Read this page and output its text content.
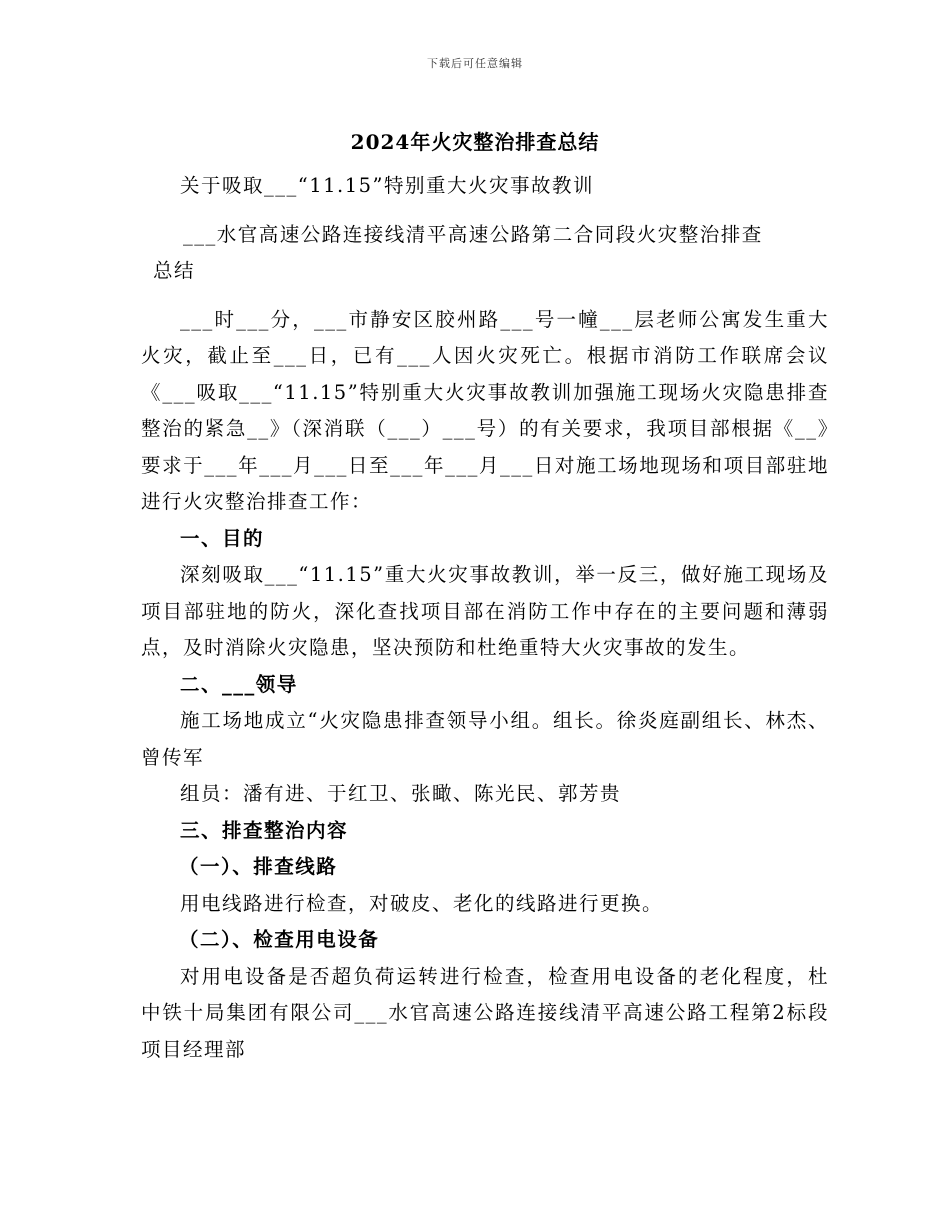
下载后可任意编辑
2024年火灾整治排查总结

关于吸取___“11.15”特别重大火灾事故教训

___水官高速公路连接线清平高速公路第二合同段火灾整治排查
总结

___时___分，___市静安区胶州路___号一幢___层老师公寓发生重大火灾，截止至___日，已有___人因火灾死亡。根据市消防工作联席会议《___吸取___“11.15”特别重大火灾事故教训加强施工现场火灾隐患排查整治的紧急__》（深消联（___）___号）的有关要求，我项目部根据《__》要求于___年___月___日至___年___月___日对施工场地现场和项目部驻地进行火灾整治排查工作：

一、目的

深刻吸取___“11.15”重大火灾事故教训，举一反三，做好施工现场及项目部驻地的防火，深化查找项目部在消防工作中存在的主要问题和薄弱点，及时消除火灾隐患，坚决预防和杜绝重特大火灾事故的发生。

二、___领导

施工场地成立“火灾隐患排查领导小组。组长。徐炎庭副组长、林杰、曾传军

组员：潘有进、于红卫、张瞰、陈光民、郭芳贵

三、排查整治内容

（一）、排查线路

用电线路进行检查，对破皮、老化的线路进行更换。

（二）、检查用电设备

对用电设备是否超负荷运转进行检查，检查用电设备的老化程度，杜中铁十局集团有限公司___水官高速公路连接线清平高速公路工程第2标段项目经理部
